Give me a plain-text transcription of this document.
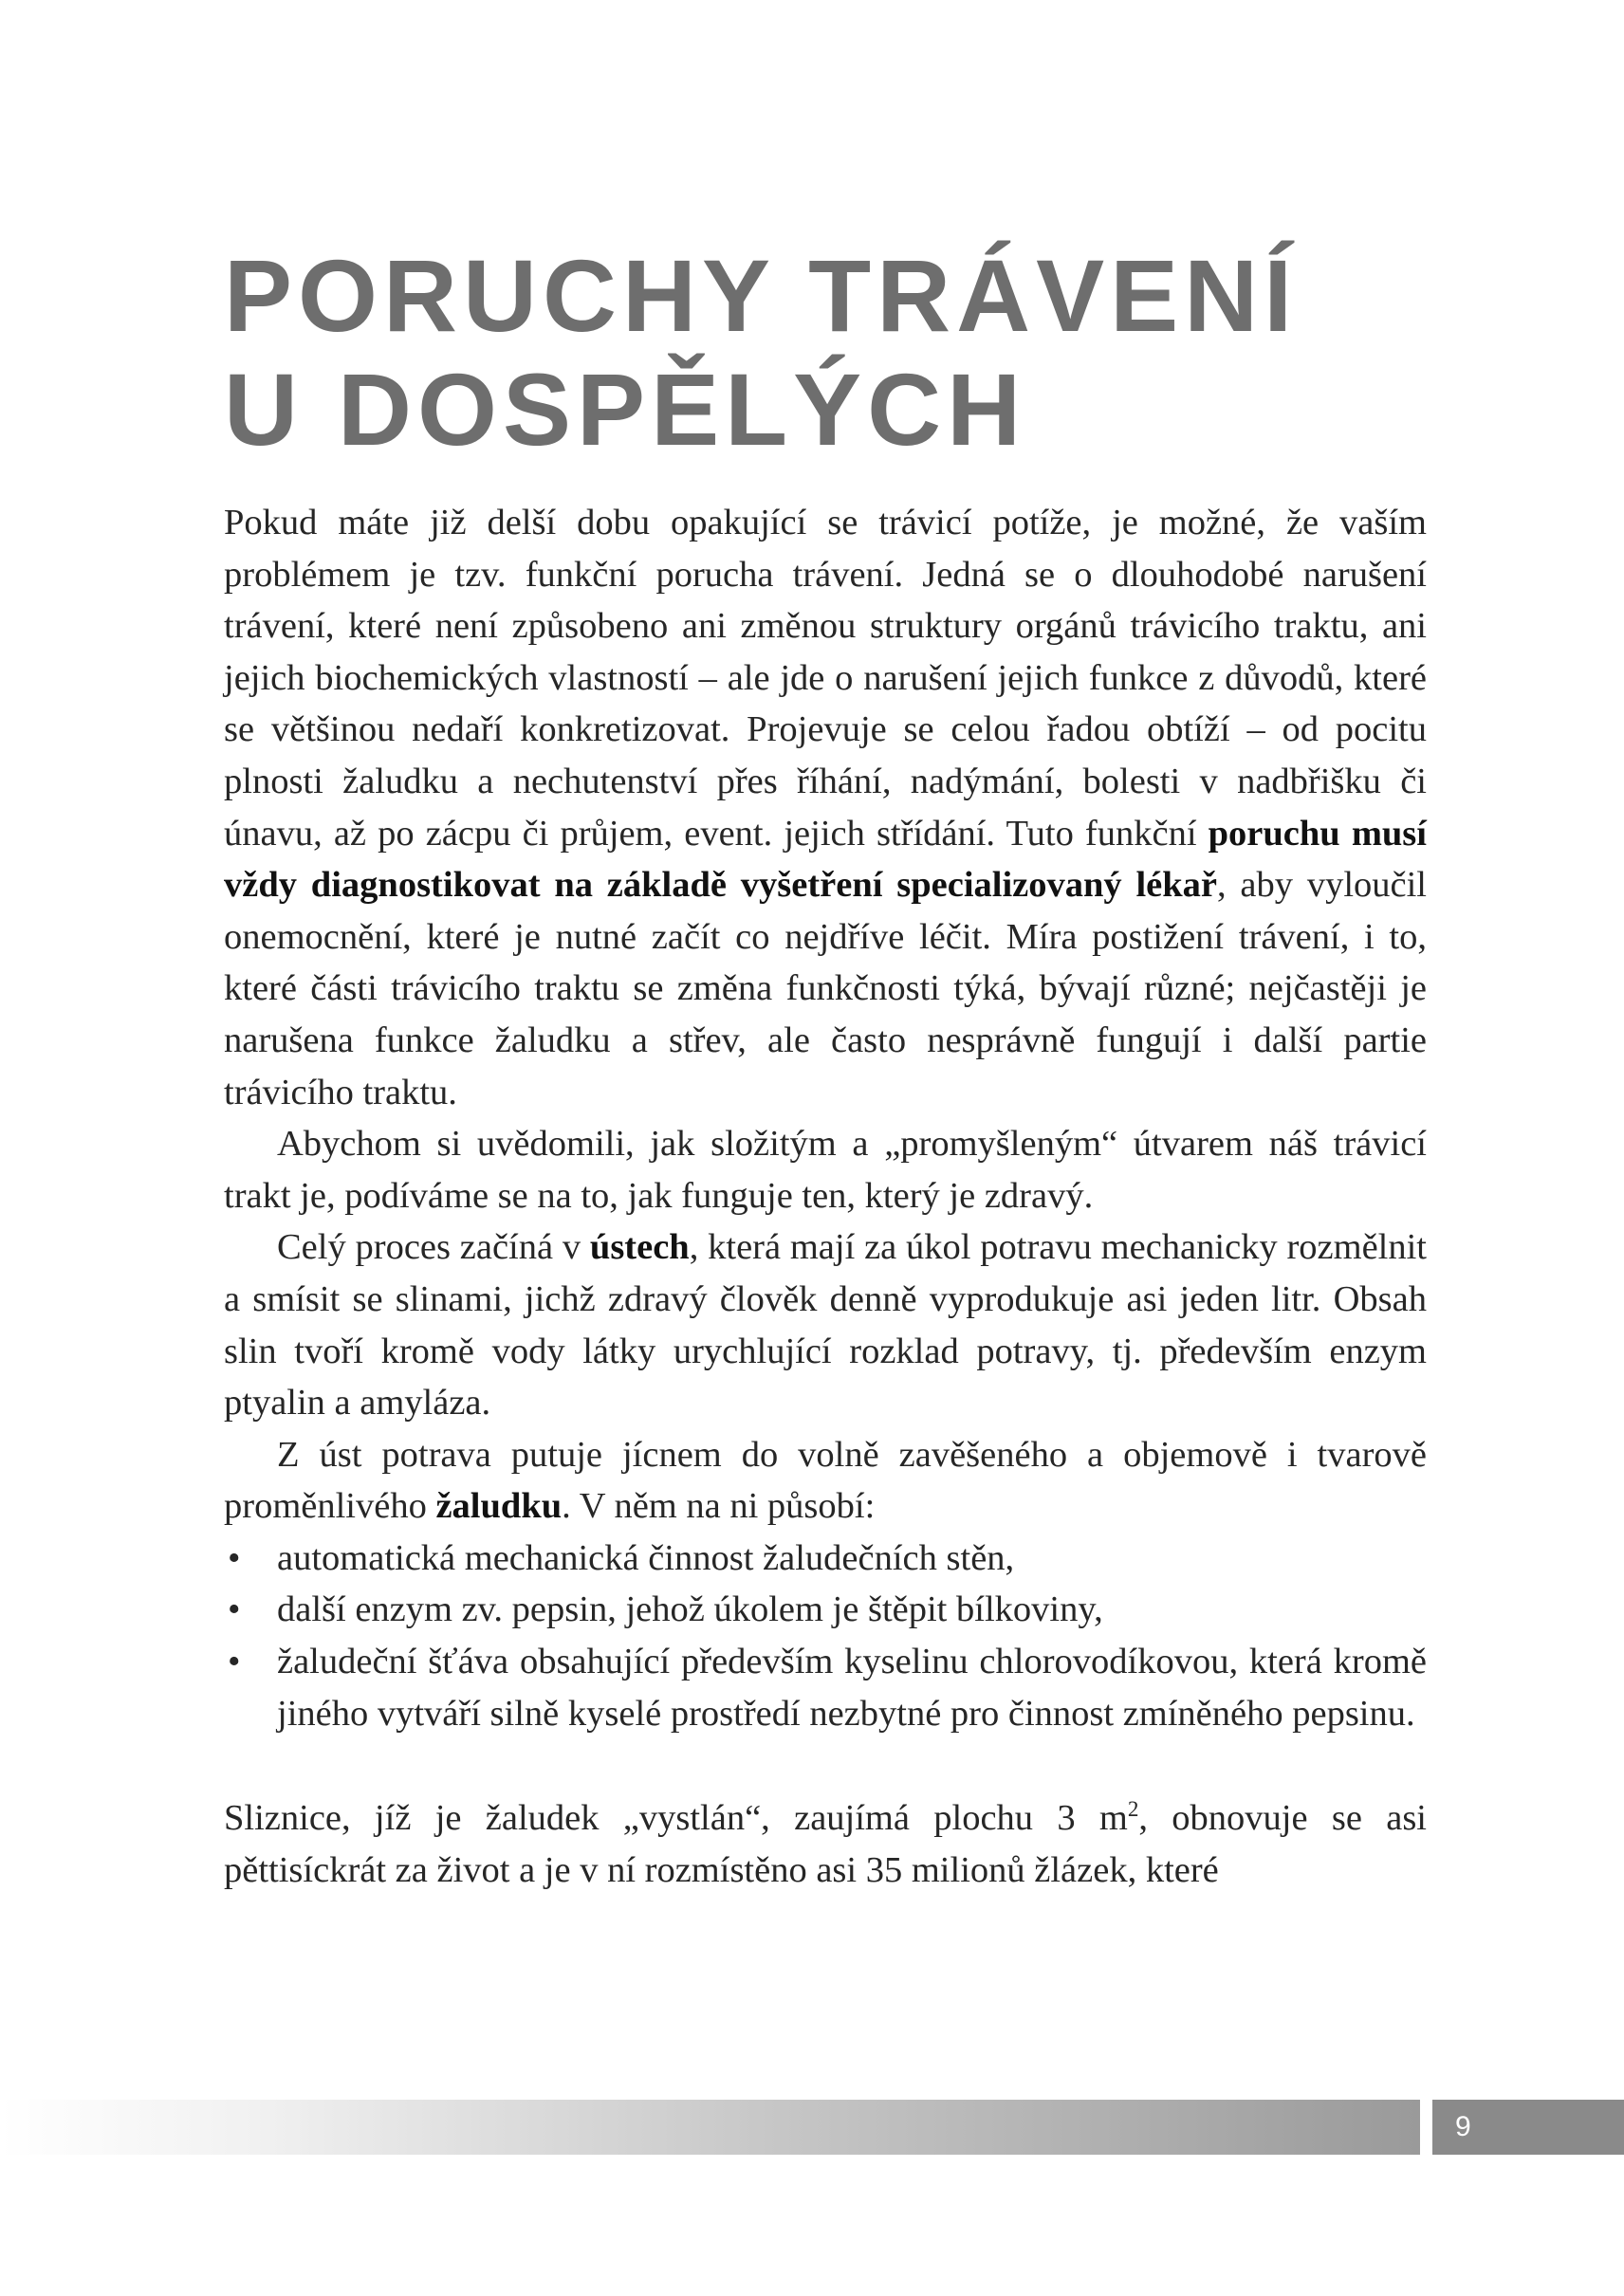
PORUCHY TRÁVENÍ
U DOSPĚLÝCH

Pokud máte již delší dobu opakující se trávicí potíže, je možné, že vaším problémem je tzv. funkční porucha trávení. Jedná se o dlouhodobé narušení trávení, které není způsobeno ani změnou struktury orgánů trávicího traktu, ani jejich biochemických vlastností – ale jde o narušení jejich funkce z důvodů, které se většinou nedaří konkretizovat. Projevuje se celou řadou obtíží – od pocitu plnosti žaludku a nechutenství přes říhání, nadýmání, bolesti v nadbřišku či únavu, až po zácpu či průjem, event. jejich střídání. Tuto funkční poruchu musí vždy diagnostikovat na základě vyšetření specializovaný lékař, aby vyloučil onemocnění, které je nutné začít co nejdříve léčit. Míra postižení trávení, i to, které části trávicího traktu se změna funkčnosti týká, bývají různé; nejčastěji je narušena funkce žaludku a střev, ale často nesprávně fungují i další partie trávicího traktu.

Abychom si uvědomili, jak složitým a „promyšleným“ útvarem náš trávicí trakt je, podíváme se na to, jak funguje ten, který je zdravý.

Celý proces začíná v ústech, která mají za úkol potravu mechanicky rozmělnit a smísit se slinami, jichž zdravý člověk denně vyprodukuje asi jeden litr. Obsah slin tvoří kromě vody látky urychlující rozklad potravy, tj. především enzym ptyalin a amyláza.

Z úst potrava putuje jícnem do volně zavěšeného a objemově i tvarově proměnlivého žaludku. V něm na ni působí:

• automatická mechanická činnost žaludečních stěn,
• další enzym zv. pepsin, jehož úkolem je štěpit bílkoviny,
• žaludeční šťáva obsahující především kyselinu chlorovodíkovou, která kromě jiného vytváří silně kyselé prostředí nezbytné pro činnost zmíněného pepsinu.

Sliznice, jíž je žaludek „vystlán“, zaujímá plochu 3 $m^2$, obnovuje se asi pěttisíckrát za život a je v ní rozmístěno asi 35 milionů žlázek, které

9
